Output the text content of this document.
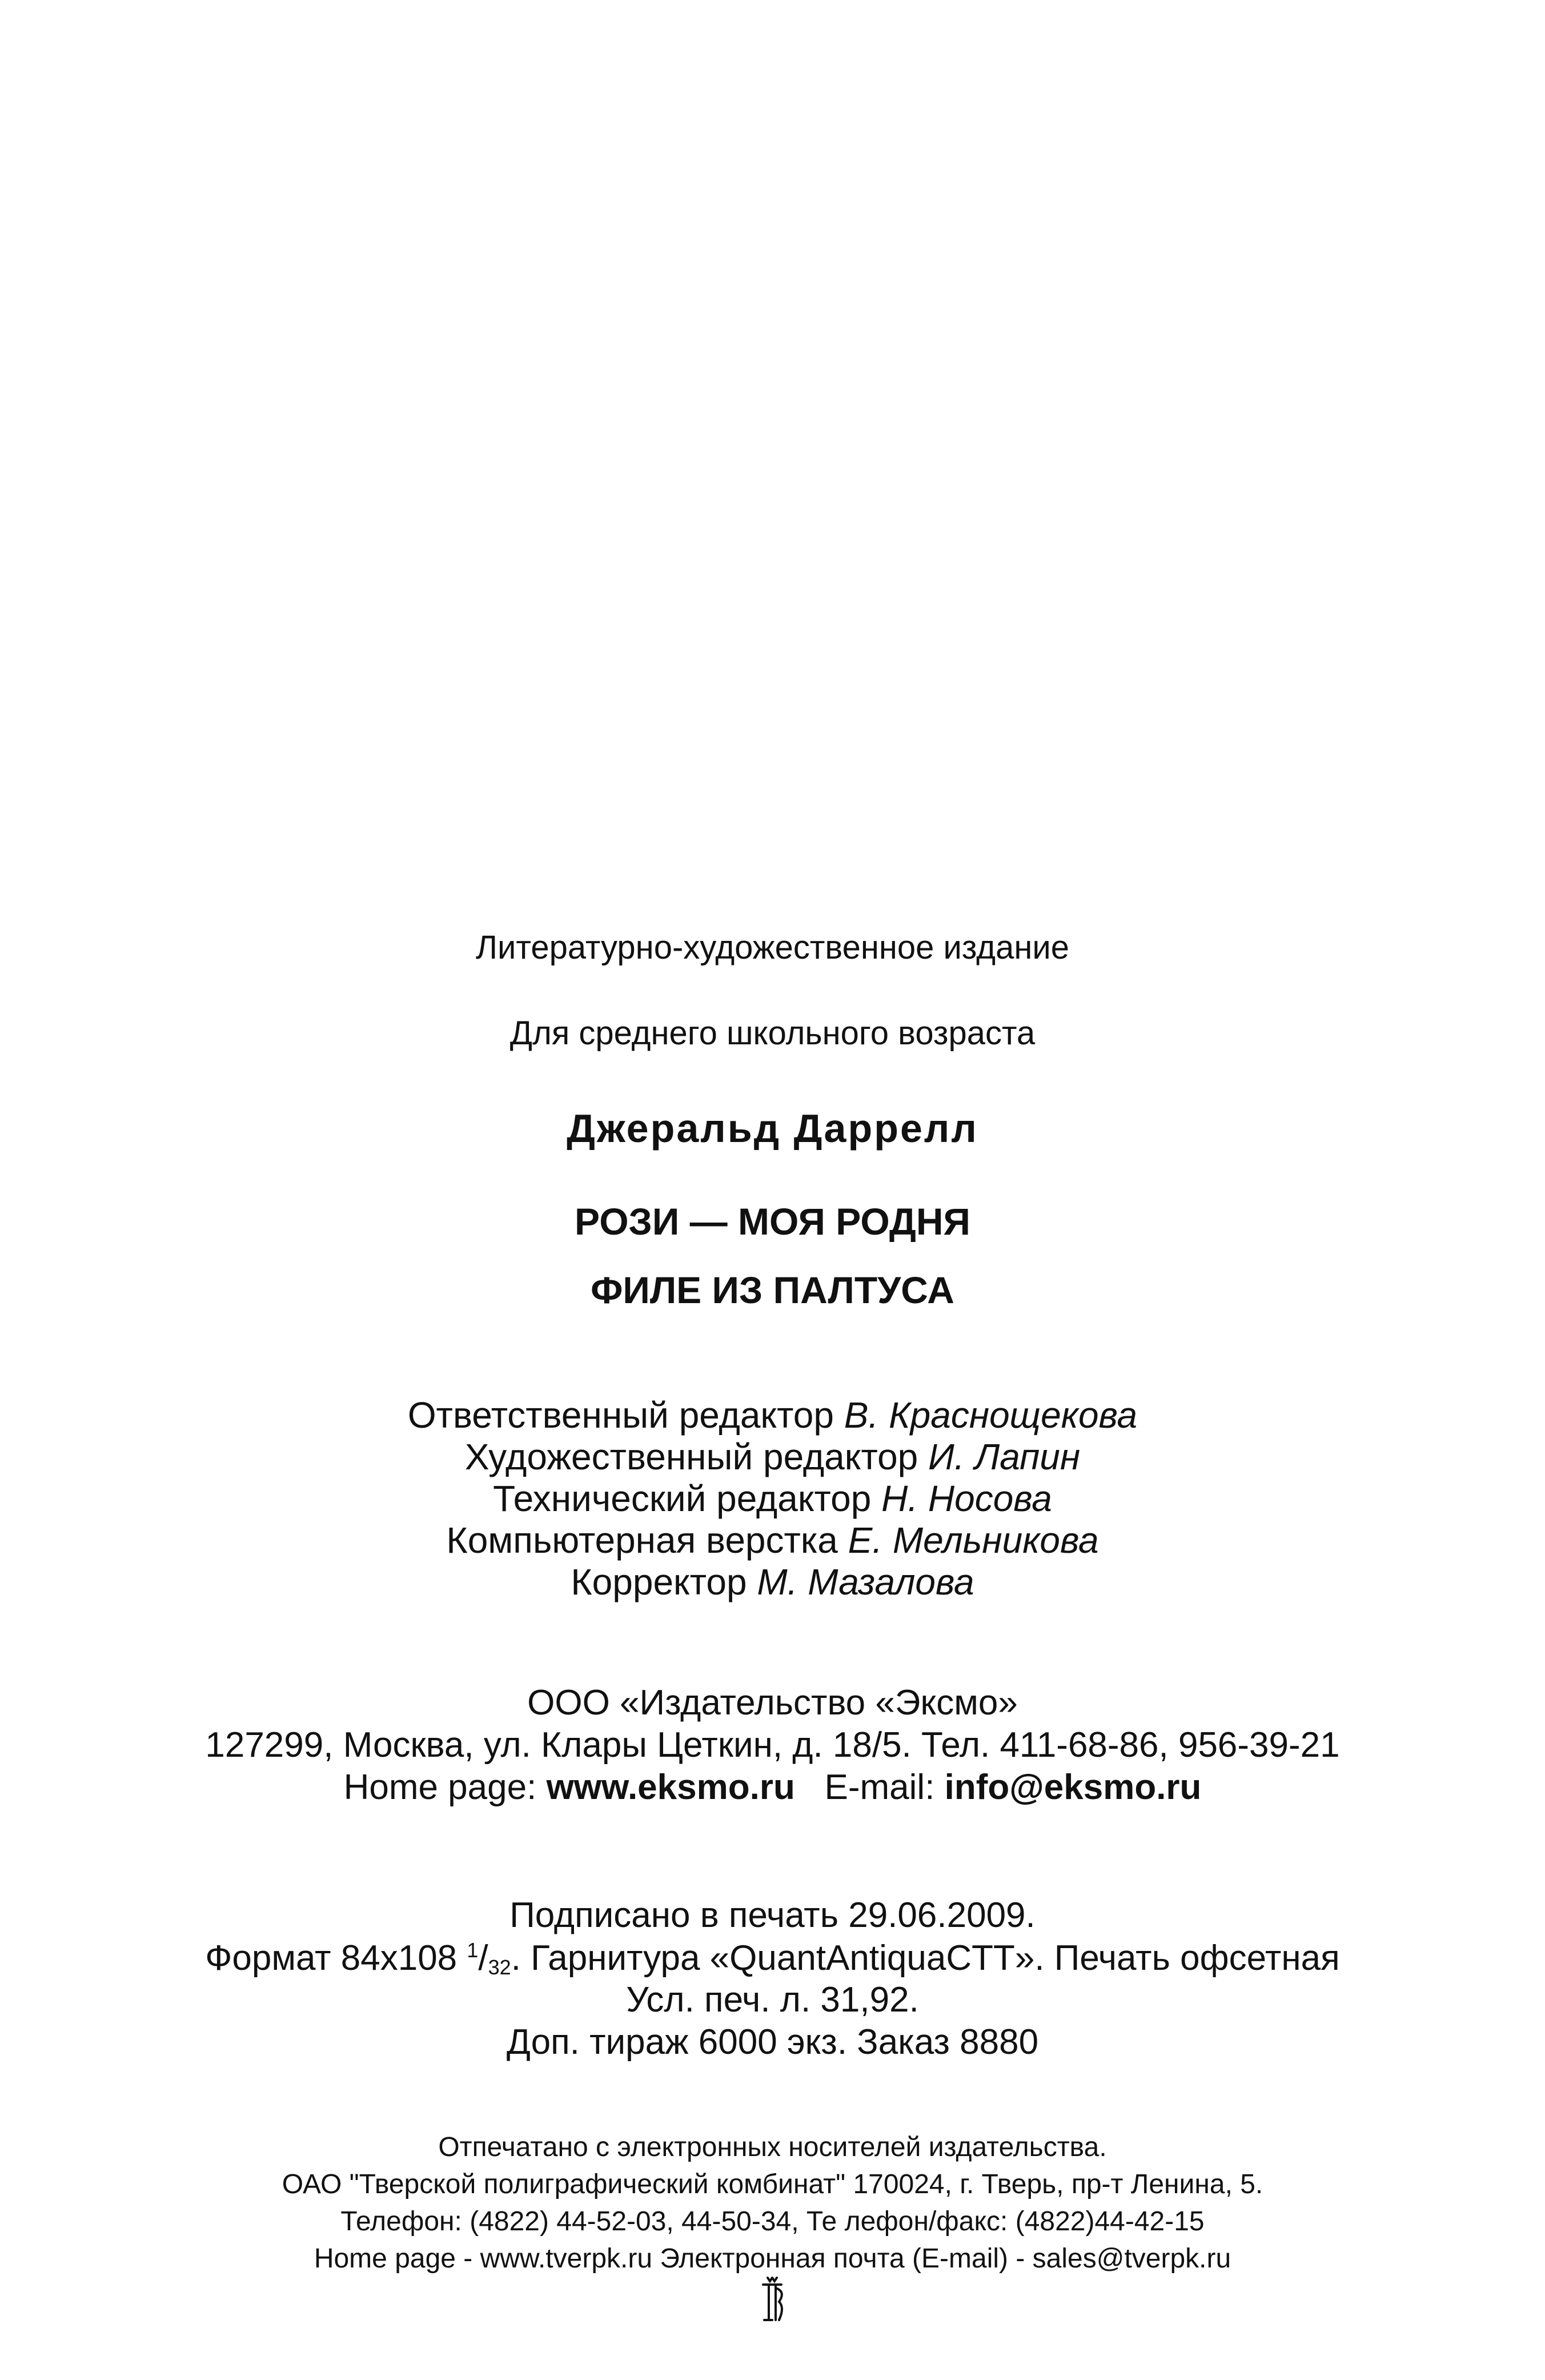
Литературно-художественное издание
Для среднего школьного возраста
Джеральд Даррелл
РОЗИ — МОЯ РОДНЯ
ФИЛЕ ИЗ ПАЛТУСА
Ответственный редактор В. Краснощекова
Художественный редактор И. Лапин
Технический редактор Н. Носова
Компьютерная верстка Е. Мельникова
Корректор М. Мазалова
ООО «Издательство «Эксмо»
127299, Москва, ул. Клары Цеткин, д. 18/5. Тел. 411-68-86, 956-39-21
Home page: www.eksmo.ru E-mail: info@eksmo.ru
Подписано в печать 29.06.2009.
Формат 84x108 $^1/_{32}$. Гарнитура «QuantAntiquaCTT». Печать офсетная
Усл. печ. л. 31,92.
Доп. тираж 6000 экз. Заказ 8880
Отпечатано с электронных носителей издательства.
ОАО "Тверской полиграфический комбинат" 170024, г. Тверь, пр-т Ленина, 5.
Телефон: (4822) 44-52-03, 44-50-34, Те лефон/факс: (4822)44-42-15
Home page - www.tverpk.ru Электронная почта (E-mail) - sales@tverpk.ru
